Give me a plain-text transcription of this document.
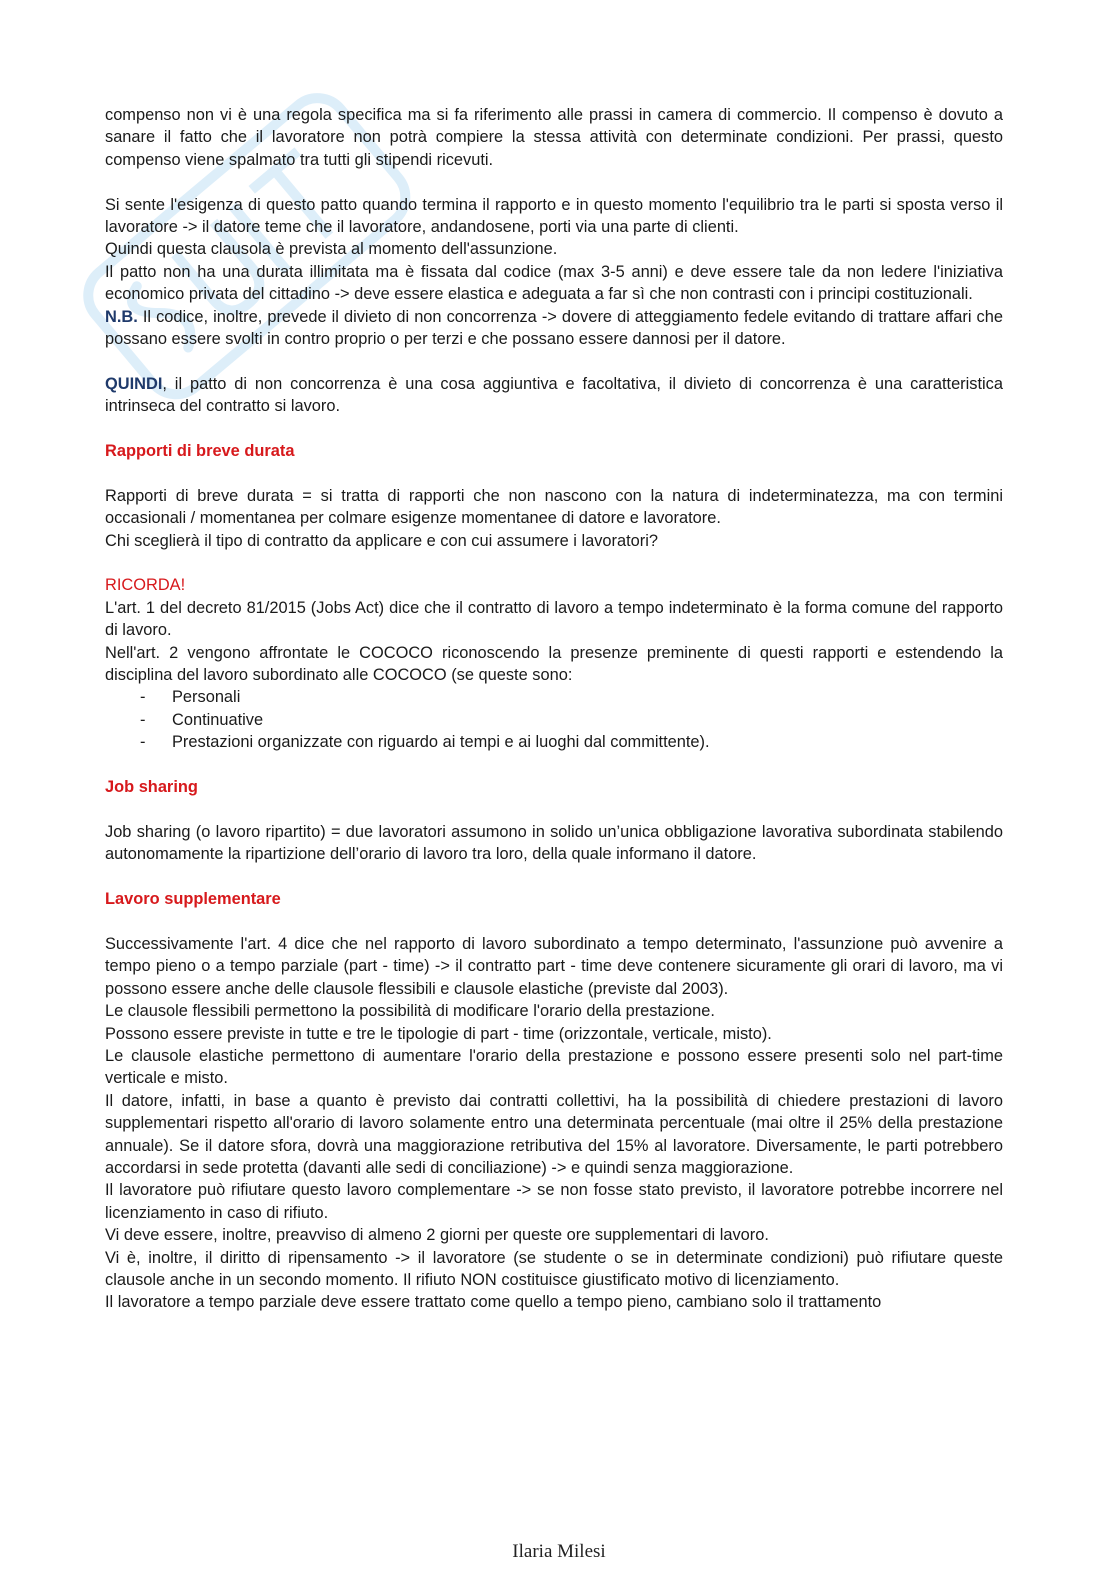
compenso non vi è una regola specifica ma si fa riferimento alle prassi in camera di commercio. Il compenso è dovuto a sanare il fatto che il lavoratore non potrà compiere la stessa attività con determinate condizioni. Per prassi, questo compenso viene spalmato tra tutti gli stipendi ricevuti.

Si sente l'esigenza di questo patto quando termina il rapporto e in questo momento l'equilibrio tra le parti si sposta verso il lavoratore -> il datore teme che il lavoratore, andandosene, porti via una parte di clienti.

Quindi questa clausola è prevista al momento dell'assunzione.

Il patto non ha una durata illimitata ma è fissata dal codice (max 3-5 anni) e deve essere tale da non ledere l'iniziativa economico privata del cittadino -> deve essere elastica e adeguata a far sì che non contrasti con i principi costituzionali.

N.B. Il codice, inoltre, prevede il divieto di non concorrenza -> dovere di atteggiamento fedele evitando di trattare affari che possano essere svolti in contro proprio o per terzi e che possano essere dannosi per il datore.

QUINDI, il patto di non concorrenza è una cosa aggiuntiva e facoltativa, il divieto di concorrenza è una caratteristica intrinseca del contratto si lavoro.

Rapporti di breve durata

Rapporti di breve durata = si tratta di rapporti che non nascono con la natura di indeterminatezza, ma con termini occasionali / momentanea per colmare esigenze momentanee di datore e lavoratore.

Chi sceglierà il tipo di contratto da applicare e con cui assumere i lavoratori?

RICORDA!

L'art. 1 del decreto 81/2015 (Jobs Act) dice che il contratto di lavoro a tempo indeterminato è la forma comune del rapporto di lavoro.

Nell'art. 2 vengono affrontate le COCOCO riconoscendo la presenze preminente di questi rapporti e estendendo la disciplina del lavoro subordinato alle COCOCO (se queste sono:

- Personali
- Continuative
- Prestazioni organizzate con riguardo ai tempi e ai luoghi dal committente).

Job sharing

Job sharing (o lavoro ripartito) = due lavoratori assumono in solido un’unica obbligazione lavorativa subordinata stabilendo autonomamente la ripartizione dell’orario di lavoro tra loro, della quale informano il datore.

Lavoro supplementare

Successivamente l'art. 4 dice che nel rapporto di lavoro subordinato a tempo determinato, l'assunzione può avvenire a tempo pieno o a tempo parziale (part - time) -> il contratto part - time deve contenere sicuramente gli orari di lavoro, ma vi possono essere anche delle clausole flessibili e clausole elastiche (previste dal 2003).

Le clausole flessibili permettono la possibilità di modificare l'orario della prestazione.

Possono essere previste in tutte e tre le tipologie di part - time (orizzontale, verticale, misto).

Le clausole elastiche permettono di aumentare l'orario della prestazione e possono essere presenti solo nel part-time verticale e misto.

Il datore, infatti, in base a quanto è previsto dai contratti collettivi, ha la possibilità di chiedere prestazioni di lavoro supplementari rispetto all'orario di lavoro solamente entro una determinata percentuale (mai oltre il 25% della prestazione annuale). Se il datore sfora, dovrà una maggiorazione retributiva del 15% al lavoratore. Diversamente, le parti potrebbero accordarsi in sede protetta (davanti alle sedi di conciliazione) -> e quindi senza maggiorazione.

Il lavoratore può rifiutare questo lavoro complementare -> se non fosse stato previsto, il lavoratore potrebbe incorrere nel licenziamento in caso di rifiuto.

Vi deve essere, inoltre, preavviso di almeno 2 giorni per queste ore supplementari di lavoro.

Vi è, inoltre, il diritto di ripensamento -> il lavoratore (se studente o se in determinate condizioni) può rifiutare queste clausole anche in un secondo momento. Il rifiuto NON costituisce giustificato motivo di licenziamento.

Il lavoratore a tempo parziale deve essere trattato come quello a tempo pieno, cambiano solo il trattamento

Ilaria Milesi
